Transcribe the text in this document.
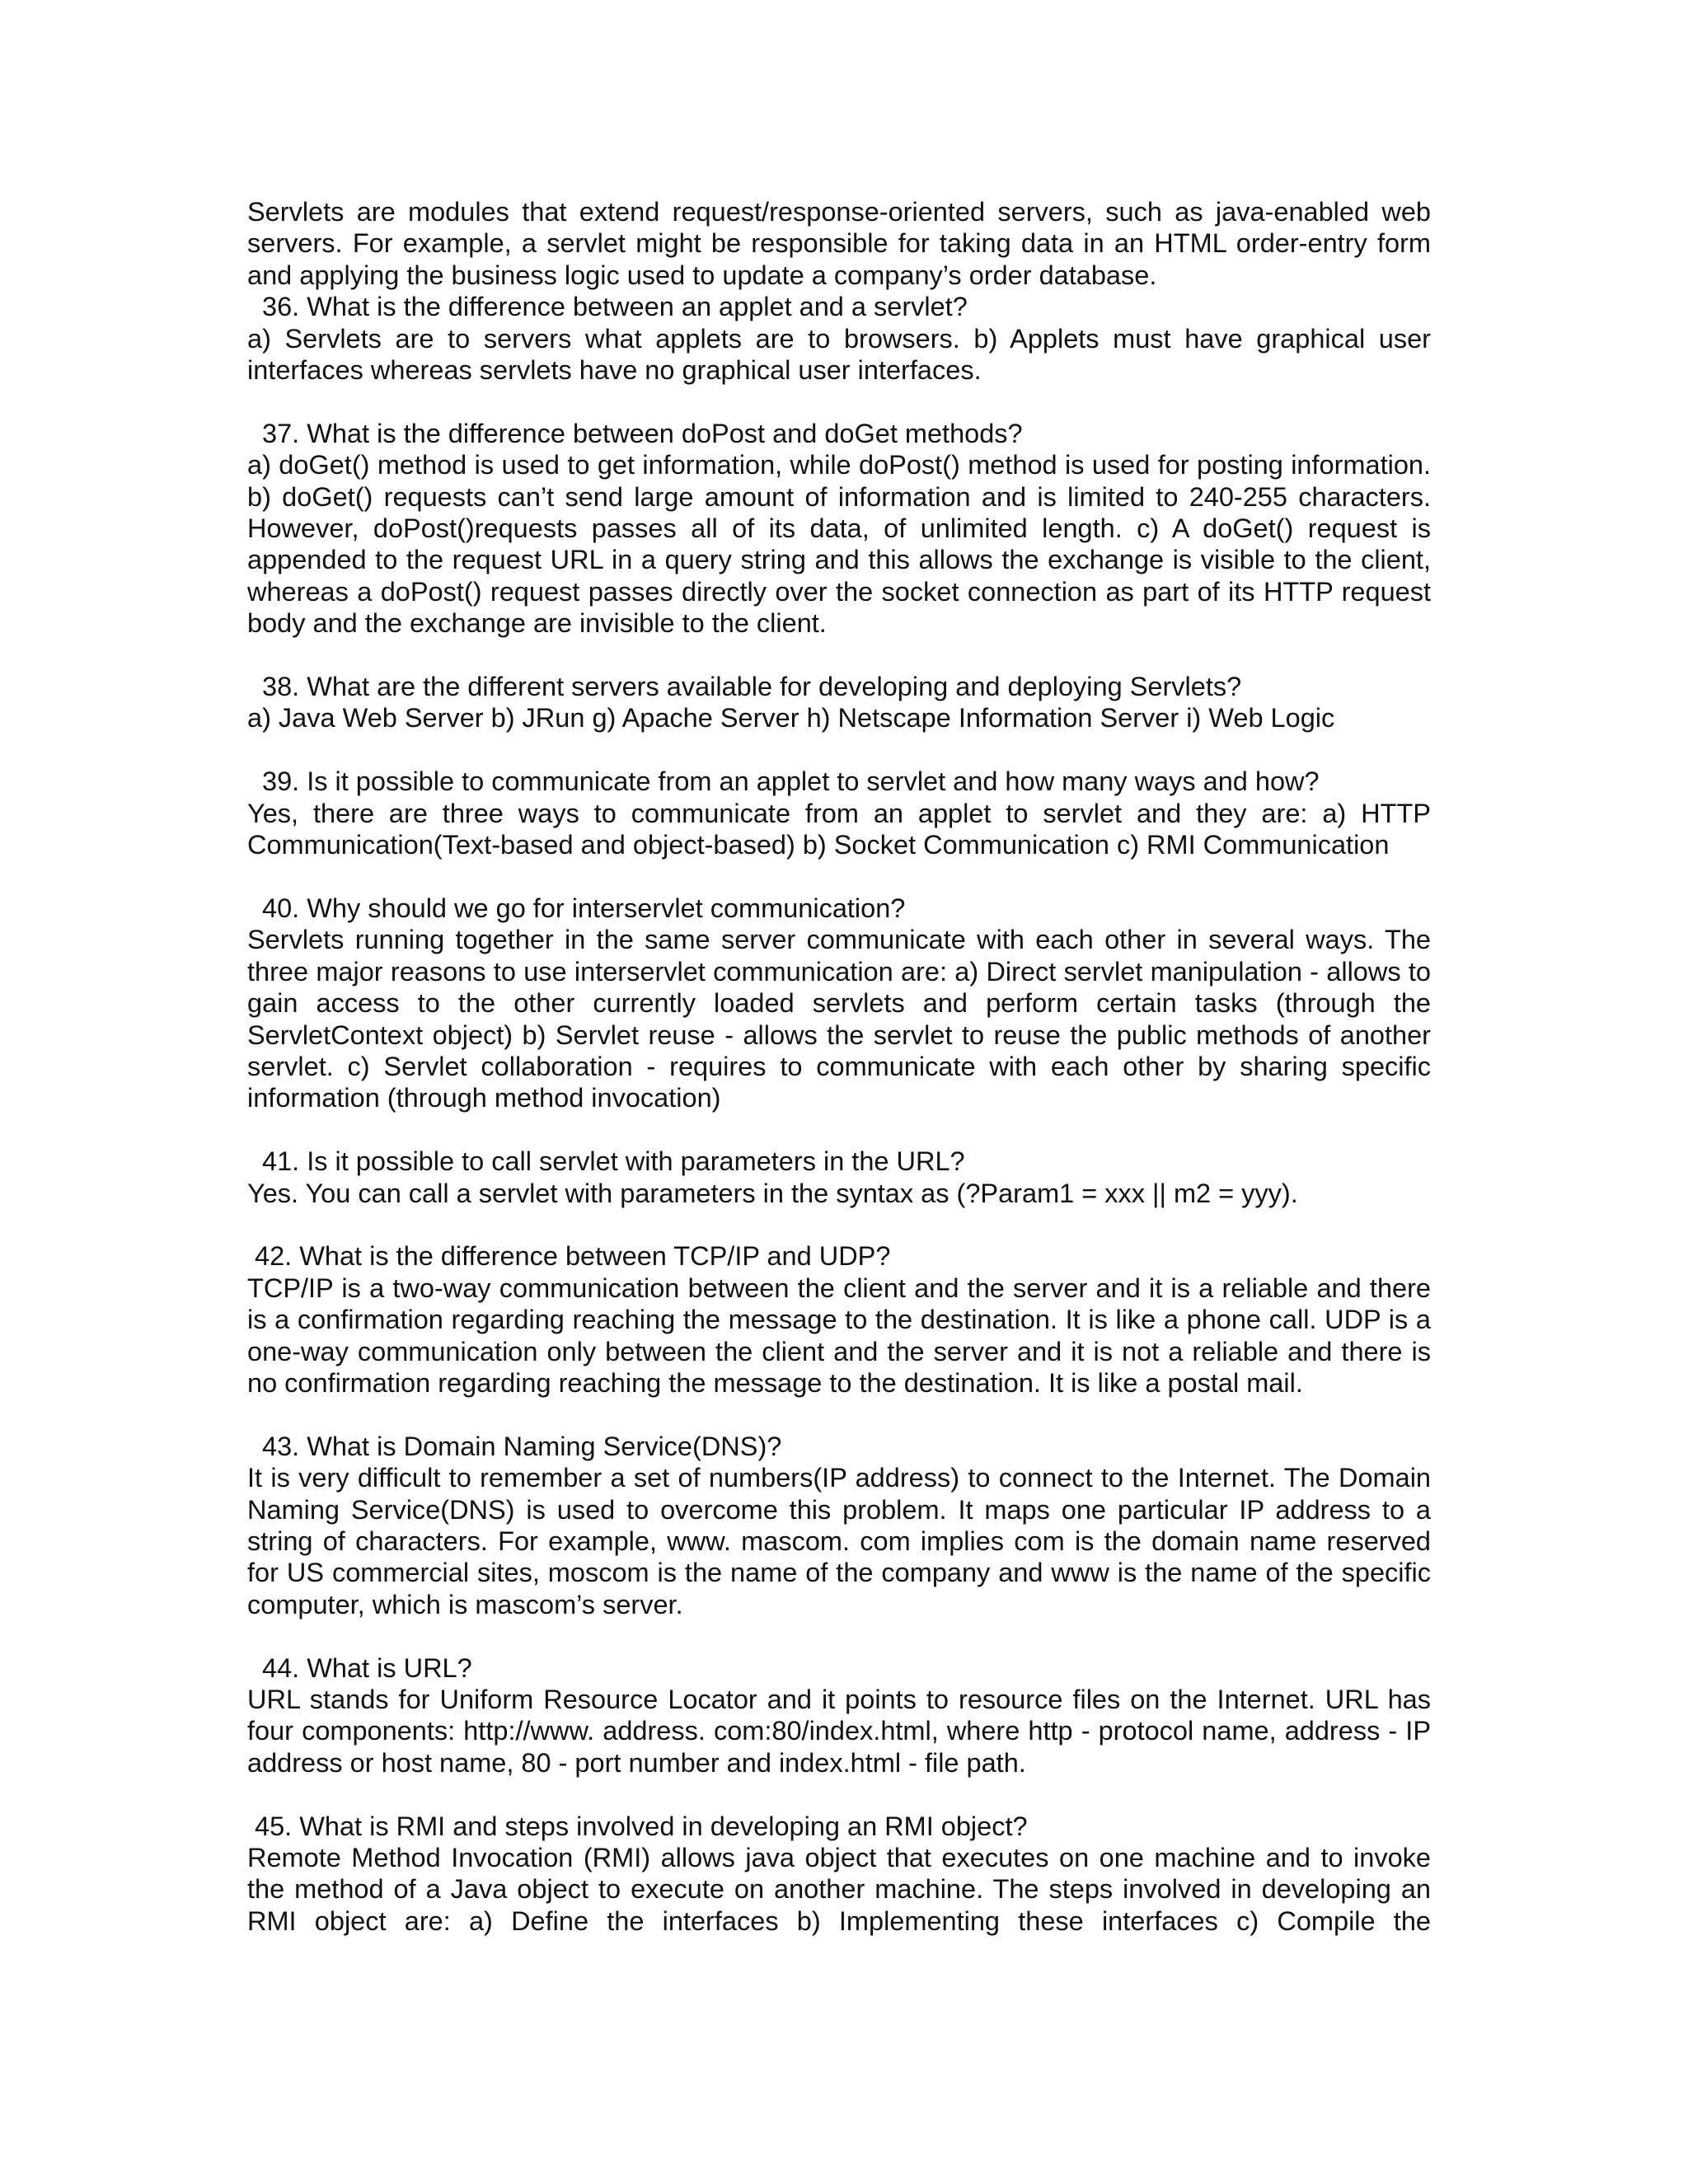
Servlets are modules that extend request/response-oriented servers, such as java-enabled web servers. For example, a servlet might be responsible for taking data in an HTML order-entry form and applying the business logic used to update a company’s order database.

36. What is the difference between an applet and a servlet?

a) Servlets are to servers what applets are to browsers. b) Applets must have graphical user interfaces whereas servlets have no graphical user interfaces.

37. What is the difference between doPost and doGet methods?

a) doGet() method is used to get information, while doPost() method is used for posting information. b) doGet() requests can’t send large amount of information and is limited to 240-255 characters. However, doPost()requests passes all of its data, of unlimited length. c) A doGet() request is appended to the request URL in a query string and this allows the exchange is visible to the client, whereas a doPost() request passes directly over the socket connection as part of its HTTP request body and the exchange are invisible to the client.

38. What are the different servers available for developing and deploying Servlets?

a) Java Web Server b) JRun g) Apache Server h) Netscape Information Server i) Web Logic

39. Is it possible to communicate from an applet to servlet and how many ways and how?

Yes, there are three ways to communicate from an applet to servlet and they are: a) HTTP Communication(Text-based and object-based) b) Socket Communication c) RMI Communication

40. Why should we go for interservlet communication?

Servlets running together in the same server communicate with each other in several ways. The three major reasons to use interservlet communication are: a) Direct servlet manipulation - allows to gain access to the other currently loaded servlets and perform certain tasks (through the ServletContext object) b) Servlet reuse - allows the servlet to reuse the public methods of another servlet. c) Servlet collaboration - requires to communicate with each other by sharing specific information (through method invocation)

41. Is it possible to call servlet with parameters in the URL?

Yes. You can call a servlet with parameters in the syntax as (?Param1 = xxx || m2 = yyy).

42. What is the difference between TCP/IP and UDP?

TCP/IP is a two-way communication between the client and the server and it is a reliable and there is a confirmation regarding reaching the message to the destination. It is like a phone call. UDP is a one-way communication only between the client and the server and it is not a reliable and there is no confirmation regarding reaching the message to the destination. It is like a postal mail.

43. What is Domain Naming Service(DNS)?

It is very difficult to remember a set of numbers(IP address) to connect to the Internet. The Domain Naming Service(DNS) is used to overcome this problem. It maps one particular IP address to a string of characters. For example, www. mascom. com implies com is the domain name reserved for US commercial sites, moscom is the name of the company and www is the name of the specific computer, which is mascom’s server.

44. What is URL?

URL stands for Uniform Resource Locator and it points to resource files on the Internet. URL has four components: http://www. address. com:80/index.html, where http - protocol name, address - IP address or host name, 80 - port number and index.html - file path.

45. What is RMI and steps involved in developing an RMI object?

Remote Method Invocation (RMI) allows java object that executes on one machine and to invoke the method of a Java object to execute on another machine. The steps involved in developing an RMI object are: a) Define the interfaces b) Implementing these interfaces c) Compile the
